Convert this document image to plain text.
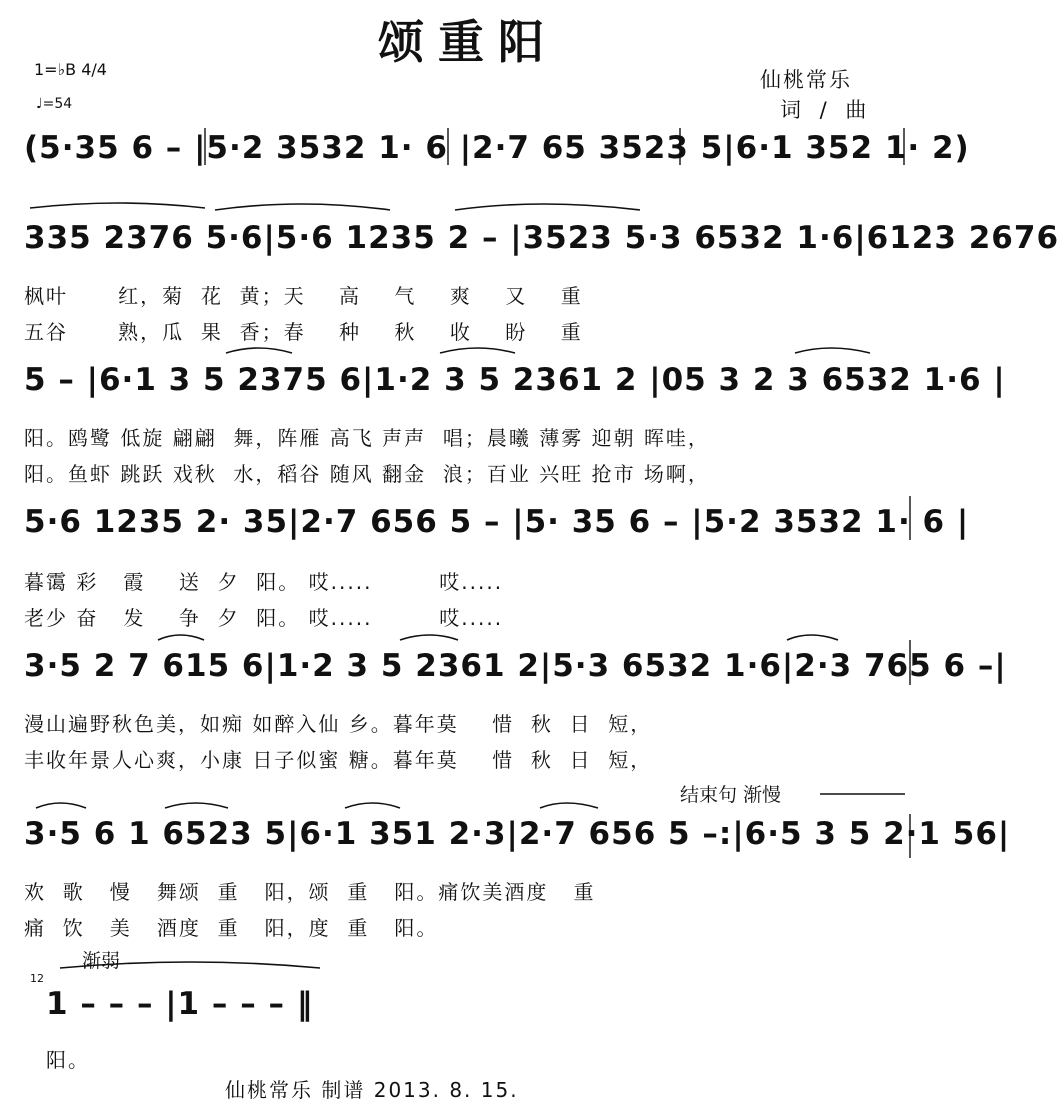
颂重阳
1=♭B 4/4
♩=54
仙桃常乐
词 / 曲
(5·35 6 – |5·2 3532 1· 6 |2·7 65 3523 5|6·1 352 1· 2)
335 2376 5·6|5·6 1235 2 – |3523 5·3 6532 1·6|6123 2676
枫叶      红，菊  花  黄；天    高    气    爽    又    重
五谷      熟，瓜  果  香；春    种    秋    收    盼    重
5 – |6·1 3 5 2375 6|1·2 3 5 2361 2 |05 3 2 3 6532 1·6 |
阳。鸥鹭 低旋 翩翩  舞，阵雁 高飞 声声  唱；晨曦 薄雾 迎朝 晖哇，
阳。鱼虾 跳跃 戏秋  水，稻谷 随风 翻金  浪；百业 兴旺 抢市 场啊，
5·6 1235 2· 35|2·7 656 5 – |5· 35 6 – |5·2 3532 1· 6 |
暮霭 彩   霞    送  夕  阳。 哎.....        哎.....
老少 奋   发    争  夕  阳。 哎.....        哎.....
3·5 2 7 615 6|1·2 3 5 2361 2|5·3 6532 1·6|2·3 765 6 –|
漫山遍野秋色美，如痴 如醉入仙 乡。暮年莫    惜  秋  日  短，
丰收年景人心爽，小康 日子似蜜 糖。暮年莫    惜  秋  日  短，
结束句 渐慢
3·5 6 1 6523 5|6·1 351 2·3|2·7 656 5 –:|6·5 3 5 2·1 56|
欢  歌   慢   舞颂  重   阳，颂  重   阳。痛饮美酒度   重
痛  饮   美   酒度  重   阳，度  重   阳。
渐弱
12
1 – – – |1 – – – ‖
阳。
仙桃常乐 制谱 2013. 8. 15.
